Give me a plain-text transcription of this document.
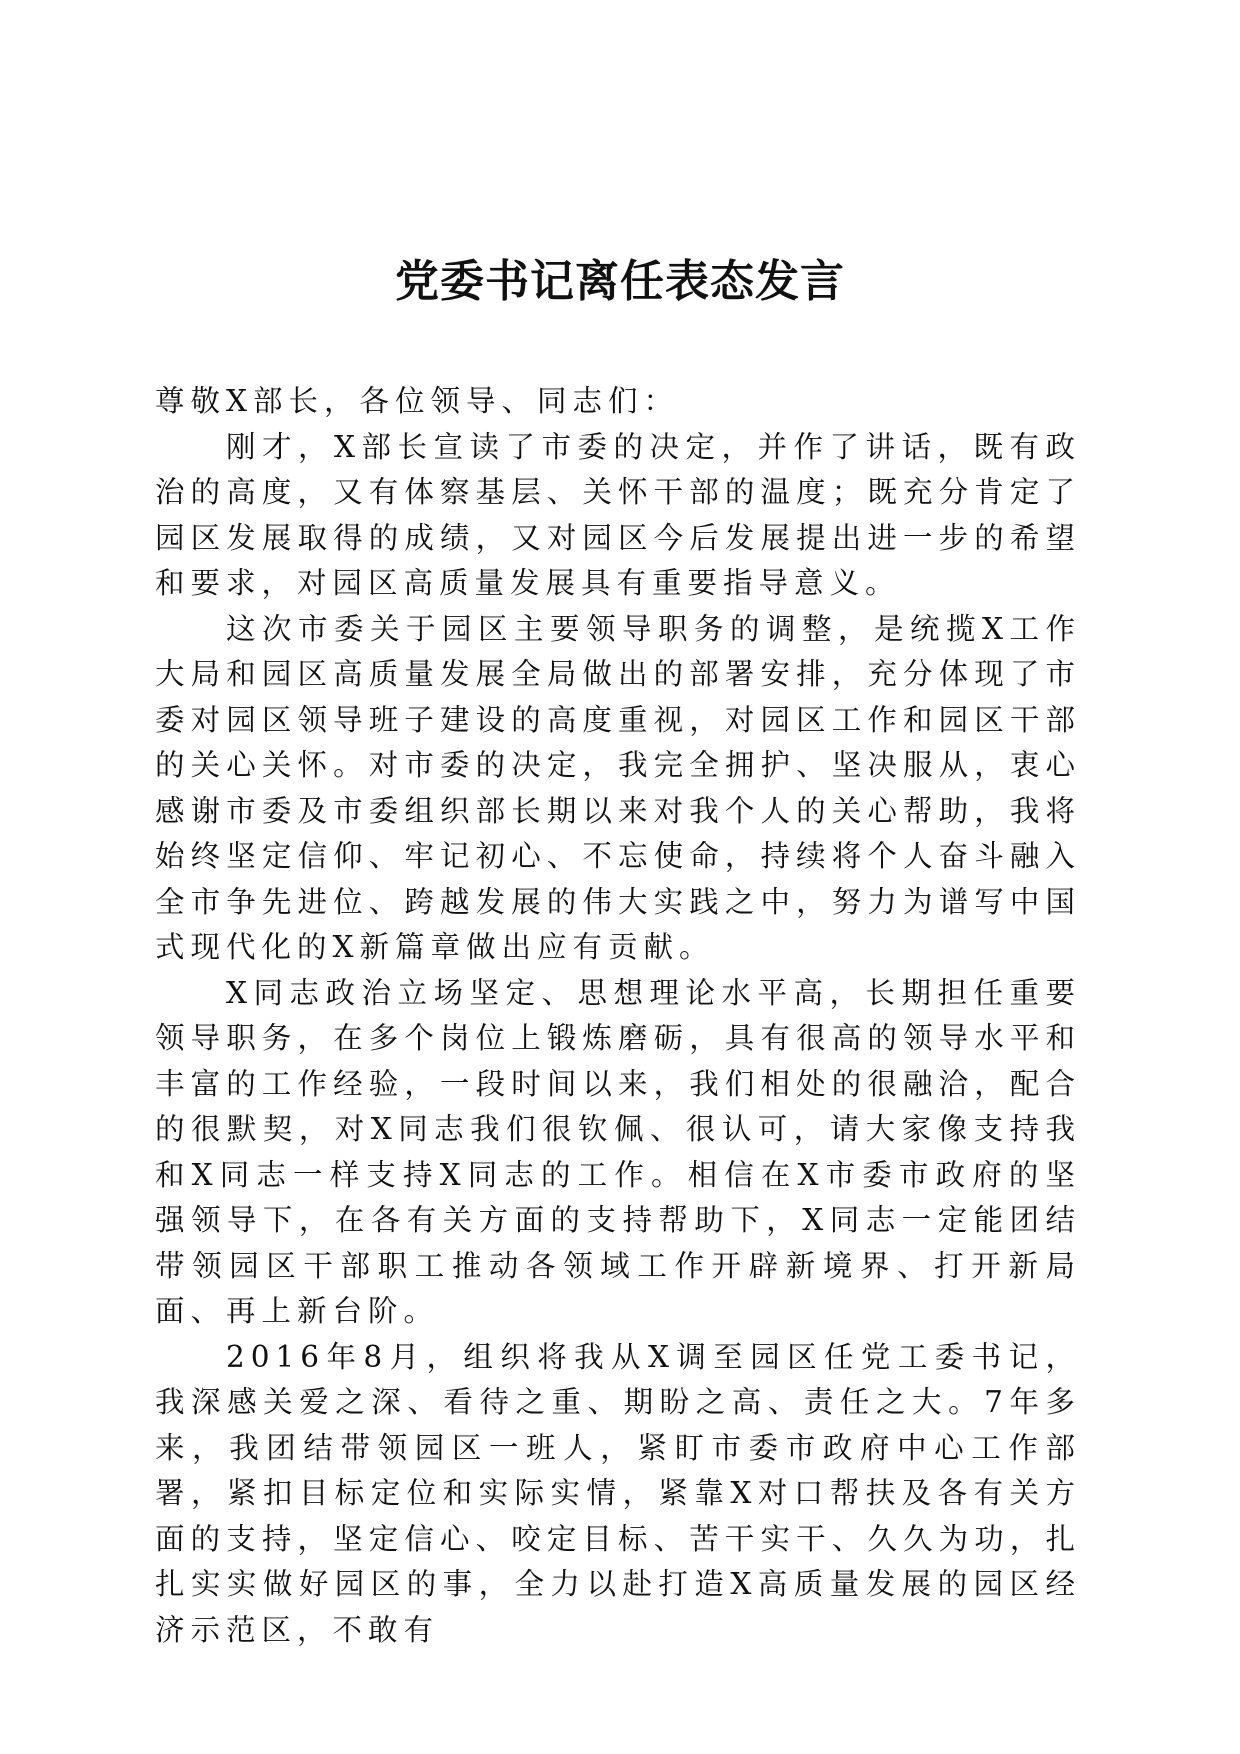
党委书记离任表态发言

尊敬X部长，各位领导、同志们：

刚才，X部长宣读了市委的决定，并作了讲话，既有政治的高度，又有体察基层、关怀干部的温度；既充分肯定了园区发展取得的成绩，又对园区今后发展提出进一步的希望和要求，对园区高质量发展具有重要指导意义。

这次市委关于园区主要领导职务的调整，是统揽X工作大局和园区高质量发展全局做出的部署安排，充分体现了市委对园区领导班子建设的高度重视，对园区工作和园区干部的关心关怀。对市委的决定，我完全拥护、坚决服从，衷心感谢市委及市委组织部长期以来对我个人的关心帮助，我将始终坚定信仰、牢记初心、不忘使命，持续将个人奋斗融入全市争先进位、跨越发展的伟大实践之中，努力为谱写中国式现代化的X新篇章做出应有贡献。

X同志政治立场坚定、思想理论水平高，长期担任重要领导职务，在多个岗位上锻炼磨砺，具有很高的领导水平和丰富的工作经验，一段时间以来，我们相处的很融洽，配合的很默契，对X同志我们很钦佩、很认可，请大家像支持我和X同志一样支持X同志的工作。相信在X市委市政府的坚强领导下，在各有关方面的支持帮助下，X同志一定能团结带领园区干部职工推动各领域工作开辟新境界、打开新局面、再上新台阶。

2016年8月，组织将我从X调至园区任党工委书记，我深感关爱之深、看待之重、期盼之高、责任之大。7年多来，我团结带领园区一班人，紧盯市委市政府中心工作部署，紧扣目标定位和实际实情，紧靠X对口帮扶及各有关方面的支持，坚定信心、咬定目标、苦干实干、久久为功，扎扎实实做好园区的事，全力以赴打造X高质量发展的园区经济示范区，不敢有
